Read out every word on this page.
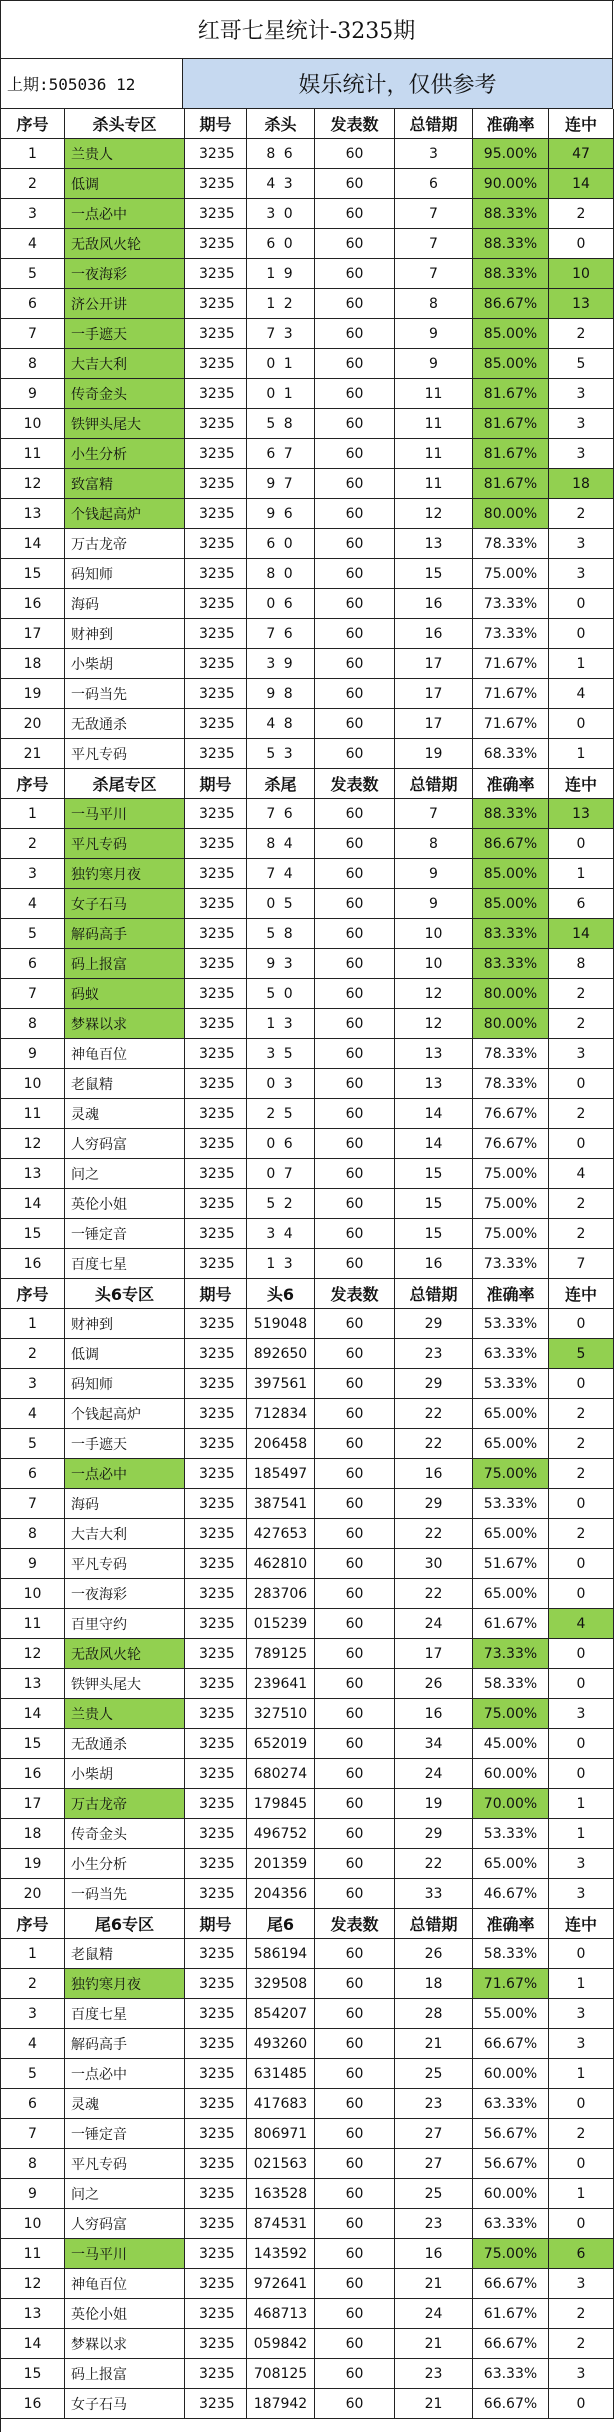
红哥七星统计-3235期
上期:505036 12	娱乐统计，仅供参考
序号	杀头专区	期号	杀头	发表数	总错期	准确率	连中
1	兰贵人	3235	8 6	60	3	95.00%	47
2	低调	3235	4 3	60	6	90.00%	14
3	一点必中	3235	3 0	60	7	88.33%	2
4	无敌风火轮	3235	6 0	60	7	88.33%	0
5	一夜海彩	3235	1 9	60	7	88.33%	10
6	济公开讲	3235	1 2	60	8	86.67%	13
7	一手遮天	3235	7 3	60	9	85.00%	2
8	大吉大利	3235	0 1	60	9	85.00%	5
9	传奇金头	3235	0 1	60	11	81.67%	3
10	铁钾头尾大	3235	5 8	60	11	81.67%	3
11	小生分析	3235	6 7	60	11	81.67%	3
12	致富精	3235	9 7	60	11	81.67%	18
13	个钱起高炉	3235	9 6	60	12	80.00%	2
14	万古龙帝	3235	6 0	60	13	78.33%	3
15	码知师	3235	8 0	60	15	75.00%	3
16	海码	3235	0 6	60	16	73.33%	0
17	财神到	3235	7 6	60	16	73.33%	0
18	小柴胡	3235	3 9	60	17	71.67%	1
19	一码当先	3235	9 8	60	17	71.67%	4
20	无敌通杀	3235	4 8	60	17	71.67%	0
21	平凡专码	3235	5 3	60	19	68.33%	1
序号	杀尾专区	期号	杀尾	发表数	总错期	准确率	连中
1	一马平川	3235	7 6	60	7	88.33%	13
2	平凡专码	3235	8 4	60	8	86.67%	0
3	独钓寒月夜	3235	7 4	60	9	85.00%	1
4	女子石马	3235	0 5	60	9	85.00%	6
5	解码高手	3235	5 8	60	10	83.33%	14
6	码上报富	3235	9 3	60	10	83.33%	8
7	码蚁	3235	5 0	60	12	80.00%	2
8	梦槑以求	3235	1 3	60	12	80.00%	2
9	神龟百位	3235	3 5	60	13	78.33%	3
10	老鼠精	3235	0 3	60	13	78.33%	0
11	灵魂	3235	2 5	60	14	76.67%	2
12	人穷码富	3235	0 6	60	14	76.67%	0
13	问之	3235	0 7	60	15	75.00%	4
14	英伦小姐	3235	5 2	60	15	75.00%	2
15	一锤定音	3235	3 4	60	15	75.00%	2
16	百度七星	3235	1 3	60	16	73.33%	7
序号	头6专区	期号	头6	发表数	总错期	准确率	连中
1	财神到	3235	519048	60	29	53.33%	0
2	低调	3235	892650	60	23	63.33%	5
3	码知师	3235	397561	60	29	53.33%	0
4	个钱起高炉	3235	712834	60	22	65.00%	2
5	一手遮天	3235	206458	60	22	65.00%	2
6	一点必中	3235	185497	60	16	75.00%	2
7	海码	3235	387541	60	29	53.33%	0
8	大吉大利	3235	427653	60	22	65.00%	2
9	平凡专码	3235	462810	60	30	51.67%	0
10	一夜海彩	3235	283706	60	22	65.00%	0
11	百里守约	3235	015239	60	24	61.67%	4
12	无敌风火轮	3235	789125	60	17	73.33%	0
13	铁钾头尾大	3235	239641	60	26	58.33%	0
14	兰贵人	3235	327510	60	16	75.00%	3
15	无敌通杀	3235	652019	60	34	45.00%	0
16	小柴胡	3235	680274	60	24	60.00%	0
17	万古龙帝	3235	179845	60	19	70.00%	1
18	传奇金头	3235	496752	60	29	53.33%	1
19	小生分析	3235	201359	60	22	65.00%	3
20	一码当先	3235	204356	60	33	46.67%	3
序号	尾6专区	期号	尾6	发表数	总错期	准确率	连中
1	老鼠精	3235	586194	60	26	58.33%	0
2	独钓寒月夜	3235	329508	60	18	71.67%	1
3	百度七星	3235	854207	60	28	55.00%	3
4	解码高手	3235	493260	60	21	66.67%	3
5	一点必中	3235	631485	60	25	60.00%	1
6	灵魂	3235	417683	60	23	63.33%	0
7	一锤定音	3235	806971	60	27	56.67%	2
8	平凡专码	3235	021563	60	27	56.67%	0
9	问之	3235	163528	60	25	60.00%	1
10	人穷码富	3235	874531	60	23	63.33%	0
11	一马平川	3235	143592	60	16	75.00%	6
12	神龟百位	3235	972641	60	21	66.67%	3
13	英伦小姐	3235	468713	60	24	61.67%	2
14	梦槑以求	3235	059842	60	21	66.67%	2
15	码上报富	3235	708125	60	23	63.33%	3
16	女子石马	3235	187942	60	21	66.67%	0
